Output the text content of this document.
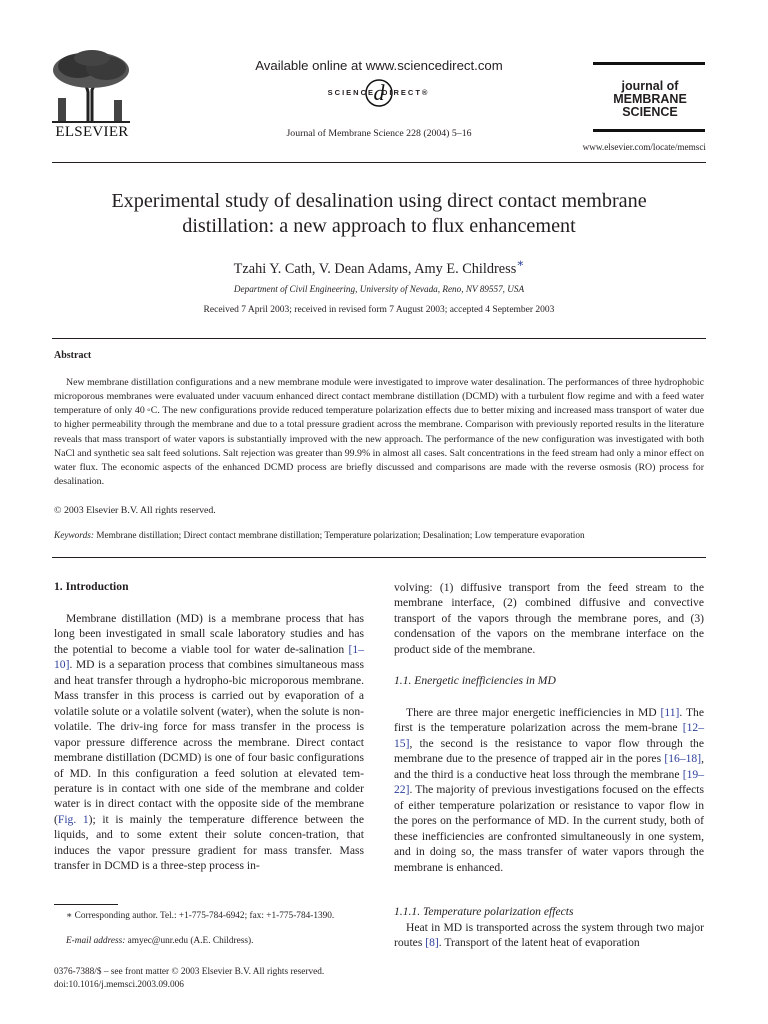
ELSEVIER
Available online at www.sciencedirect.com
SCIENCE
d
DIRECT®
Journal of Membrane Science 228 (2004) 5–16
journal of
MEMBRANE
SCIENCE
www.elsevier.com/locate/memsci
Experimental study of desalination using direct contact membrane
distillation: a new approach to flux enhancement
Tzahi Y. Cath, V. Dean Adams, Amy E. Childress∗
Department of Civil Engineering, University of Nevada, Reno, NV 89557, USA
Received 7 April 2003; received in revised form 7 August 2003; accepted 4 September 2003
Abstract
New membrane distillation configurations and a new membrane module were investigated to improve water desalination. The performances of three hydrophobic microporous membranes were evaluated under vacuum enhanced direct contact membrane distillation (DCMD) with a turbulent flow regime and with a feed water temperature of only 40 ◦C. The new configurations provide reduced temperature polarization effects due to better mixing and increased mass transport of water due to higher permeability through the membrane and due to a total pressure gradient across the membrane. Comparison with previously reported results in the literature reveals that mass transport of water vapors is substantially improved with the new approach. The performance of the new configuration was investigated with both NaCl and synthetic sea salt feed solutions. Salt rejection was greater than 99.9% in almost all cases. Salt concentrations in the feed stream had only a minor effect on water flux. The economic aspects of the enhanced DCMD process are briefly discussed and comparisons are made with the reverse osmosis (RO) process for desalination.
© 2003 Elsevier B.V. All rights reserved.
Keywords: Membrane distillation; Direct contact membrane distillation; Temperature polarization; Desalination; Low temperature evaporation
1. Introduction
Membrane distillation (MD) is a membrane process that has long been investigated in small scale laboratory studies and has the potential to become a viable tool for water de-salination [1–10]. MD is a separation process that combines simultaneous mass and heat transfer through a hydropho-bic microporous membrane. Mass transfer in this process is carried out by evaporation of a volatile solute or a volatile solvent (water), when the solute is non-volatile. The driv-ing force for mass transfer in the process is vapor pressure difference across the membrane. Direct contact membrane distillation (DCMD) is one of four basic configurations of MD. In this configuration a feed solution at elevated tem-perature is in contact with one side of the membrane and colder water is in direct contact with the opposite side of the membrane (Fig. 1); it is mainly the temperature difference between the liquids, and to some extent their solute concen-tration, that induces the vapor pressure gradient for mass transfer. Mass transfer in DCMD is a three-step process in-
volving: (1) diffusive transport from the feed stream to the membrane interface, (2) combined diffusive and convective transport of the vapors through the membrane pores, and (3) condensation of the vapors on the membrane interface on the product side of the membrane.
1.1. Energetic inefficiencies in MD
There are three major energetic inefficiencies in MD [11]. The first is the temperature polarization across the mem-brane [12–15], the second is the resistance to vapor flow through the membrane due to the presence of trapped air in the pores [16–18], and the third is a conductive heat loss through the membrane [19–22]. The majority of previous investigations focused on the effects of either temperature polarization or resistance to vapor flow in the pores on the performance of MD. In the current study, both of these inefficiencies are confronted simultaneously in one system, and in doing so, the mass transfer of water vapors through the membrane is enhanced.
1.1.1. Temperature polarization effects
Heat in MD is transported across the system through two major routes [8]. Transport of the latent heat of evaporation
∗ Corresponding author. Tel.: +1-775-784-6942; fax: +1-775-784-1390.
E-mail address: amyec@unr.edu (A.E. Childress).
0376-7388/$ – see front matter © 2003 Elsevier B.V. All rights reserved.
doi:10.1016/j.memsci.2003.09.006
